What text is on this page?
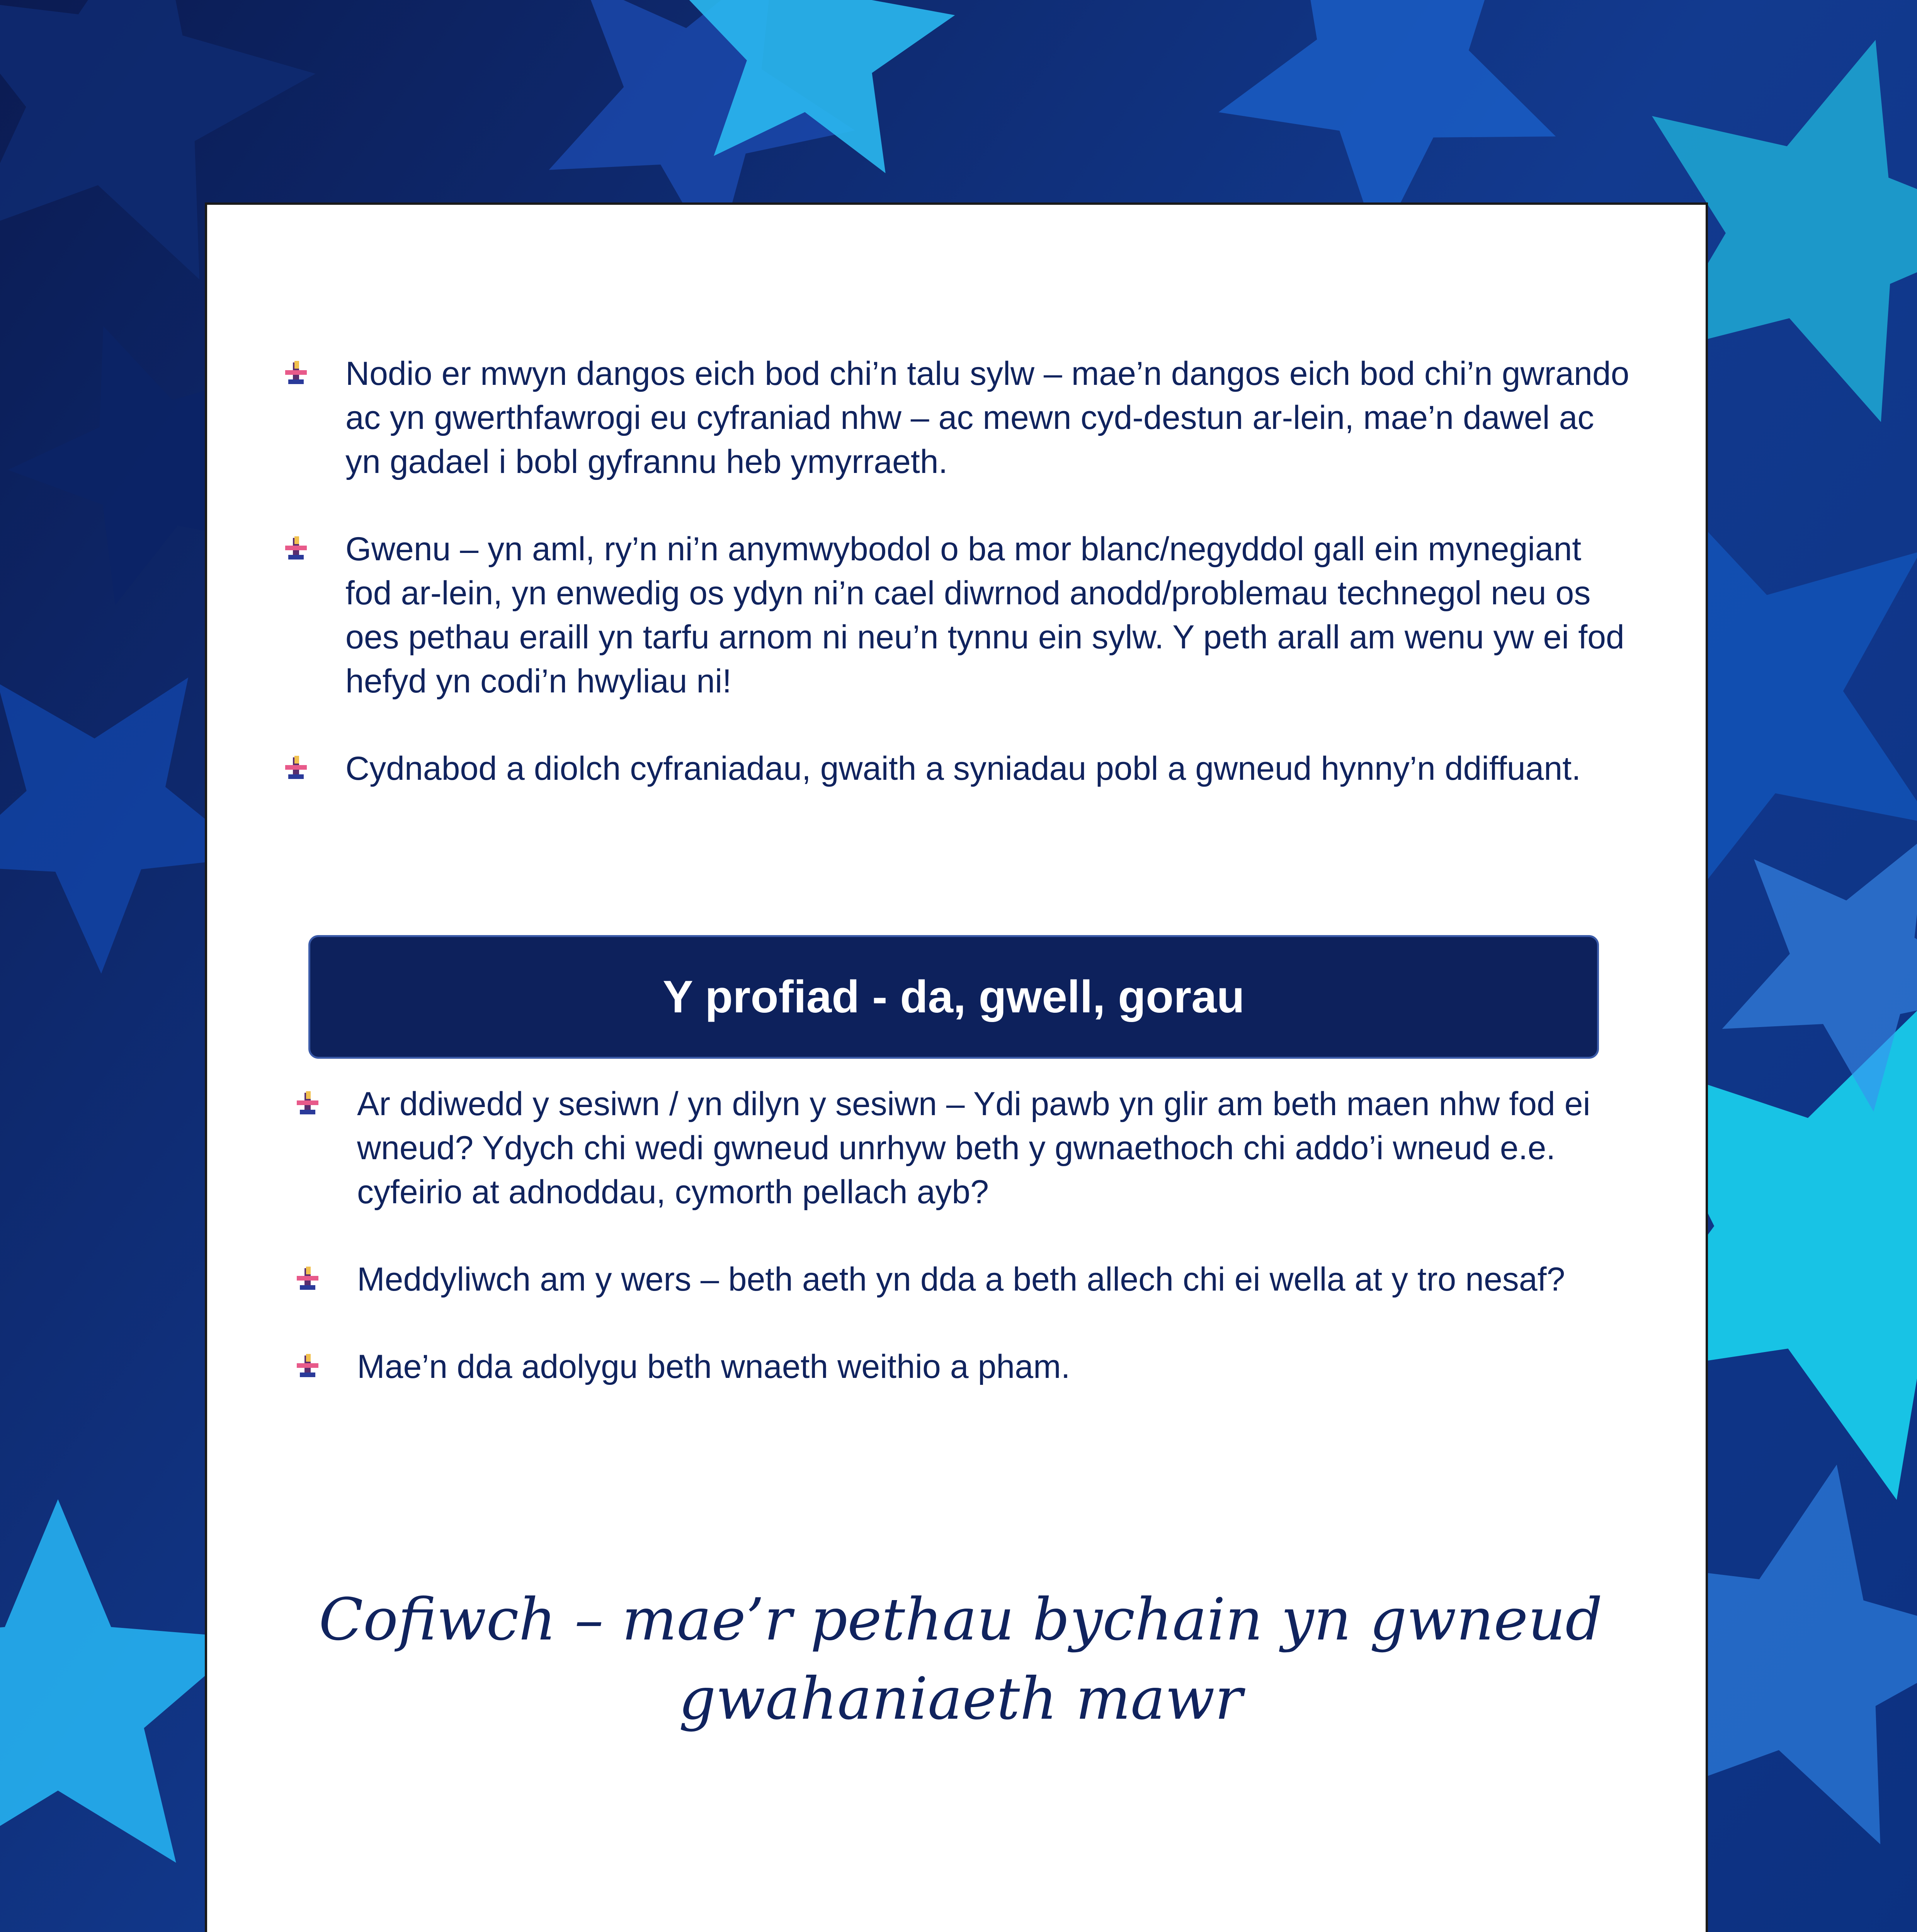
Nodio er mwyn dangos eich bod chi’n talu sylw – mae’n dangos eich bod chi’n gwrando ac yn gwerthfawrogi eu cyfraniad nhw – ac mewn cyd-destun ar-lein, mae’n dawel ac yn gadael i bobl gyfrannu heb ymyrraeth.
Gwenu – yn aml, ry’n ni’n anymwybodol o ba mor blanc/negyddol gall ein mynegiant fod ar-lein, yn enwedig os ydyn ni’n cael diwrnod anodd/problemau technegol neu os oes pethau eraill yn tarfu arnom ni neu’n tynnu ein sylw. Y peth arall am wenu yw ei fod hefyd yn codi’n hwyliau ni!
Cydnabod a diolch cyfraniadau, gwaith a syniadau pobl a gwneud hynny’n ddiffuant.
Y profiad - da, gwell, gorau
Ar ddiwedd y sesiwn / yn dilyn y sesiwn – Ydi pawb yn glir am beth maen nhw fod ei wneud? Ydych chi wedi gwneud unrhyw beth y gwnaethoch chi addo’i wneud e.e. cyfeirio at adnoddau, cymorth pellach ayb?
Meddyliwch am y wers – beth aeth yn dda a beth allech chi ei wella at y tro nesaf?
Mae’n dda adolygu beth wnaeth weithio a pham.
Cofiwch – mae’r pethau bychain yn gwneud
gwahaniaeth mawr
